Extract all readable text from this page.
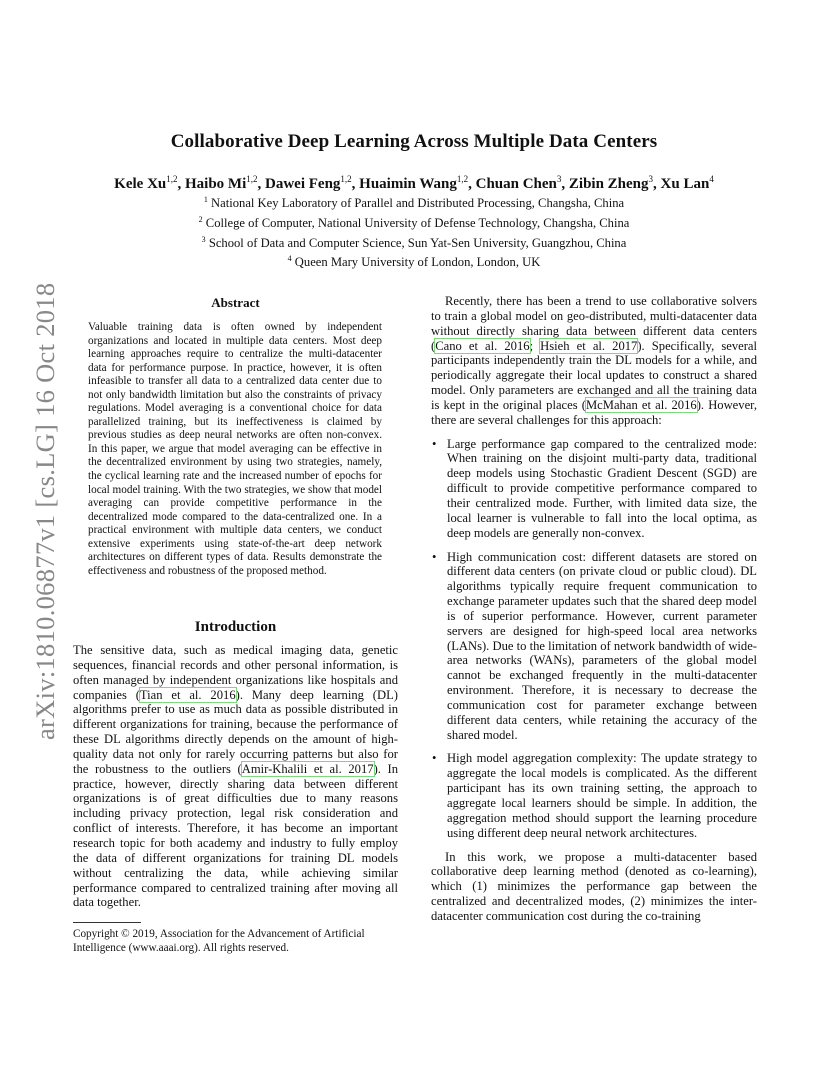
arXiv:1810.06877v1 [cs.LG] 16 Oct 2018
Collaborative Deep Learning Across Multiple Data Centers
Kele Xu$^{1,2}$, Haibo Mi$^{1,2}$, Dawei Feng$^{1,2}$, Huaimin Wang$^{1,2}$, Chuan Chen$^3$, Zibin Zheng$^3$, Xu Lan$^4$
$^1$ National Key Laboratory of Parallel and Distributed Processing, Changsha, China
$^2$ College of Computer, National University of Defense Technology, Changsha, China
$^3$ School of Data and Computer Science, Sun Yat-Sen University, Guangzhou, China
$^4$ Queen Mary University of London, London, UK
Abstract
Valuable training data is often owned by independent organizations and located in multiple data centers. Most deep learning approaches require to centralize the multi-datacenter data for performance purpose. In practice, however, it is often infeasible to transfer all data to a centralized data center due to not only bandwidth limitation but also the constraints of privacy regulations. Model averaging is a conventional choice for data parallelized training, but its ineffectiveness is claimed by previous studies as deep neural networks are often non-convex. In this paper, we argue that model averaging can be effective in the decentralized environment by using two strategies, namely, the cyclical learning rate and the increased number of epochs for local model training. With the two strategies, we show that model averaging can provide competitive performance in the decentralized mode compared to the data-centralized one. In a practical environment with multiple data centers, we conduct extensive experiments using state-of-the-art deep network architectures on different types of data. Results demonstrate the effectiveness and robustness of the proposed method.
Introduction
The sensitive data, such as medical imaging data, genetic sequences, financial records and other personal information, is often managed by independent organizations like hospitals and companies (Tian et al. 2016). Many deep learning (DL) algorithms prefer to use as much data as possible distributed in different organizations for training, because the performance of these DL algorithms directly depends on the amount of high-quality data not only for rarely occurring patterns but also for the robustness to the outliers (Amir-Khalili et al. 2017). In practice, however, directly sharing data between different organizations is of great difficulties due to many reasons including privacy protection, legal risk consideration and conflict of interests. Therefore, it has become an important research topic for both academy and industry to fully employ the data of different organizations for training DL models without centralizing the data, while achieving similar performance compared to centralized training after moving all data together.
Copyright © 2019, Association for the Advancement of Artificial Intelligence (www.aaai.org). All rights reserved.

Recently, there has been a trend to use collaborative solvers to train a global model on geo-distributed, multi-datacenter data without directly sharing data between different data centers (Cano et al. 2016; Hsieh et al. 2017). Specifically, several participants independently train the DL models for a while, and periodically aggregate their local updates to construct a shared model. Only parameters are exchanged and all the training data is kept in the original places (McMahan et al. 2016). However, there are several challenges for this approach:

• Large performance gap compared to the centralized mode: When training on the disjoint multi-party data, traditional deep models using Stochastic Gradient Descent (SGD) are difficult to provide competitive performance compared to their centralized mode. Further, with limited data size, the local learner is vulnerable to fall into the local optima, as deep models are generally non-convex.
• High communication cost: different datasets are stored on different data centers (on private cloud or public cloud). DL algorithms typically require frequent communication to exchange parameter updates such that the shared deep model is of superior performance. However, current parameter servers are designed for high-speed local area networks (LANs). Due to the limitation of network bandwidth of wide-area networks (WANs), parameters of the global model cannot be exchanged frequently in the multi-datacenter environment. Therefore, it is necessary to decrease the communication cost for parameter exchange between different data centers, while retaining the accuracy of the shared model.
• High model aggregation complexity: The update strategy to aggregate the local models is complicated. As the different participant has its own training setting, the approach to aggregate local learners should be simple. In addition, the aggregation method should support the learning procedure using different deep neural network architectures.

In this work, we propose a multi-datacenter based collaborative deep learning method (denoted as co-learning), which (1) minimizes the performance gap between the centralized and decentralized modes, (2) minimizes the inter-datacenter communication cost during the co-training
